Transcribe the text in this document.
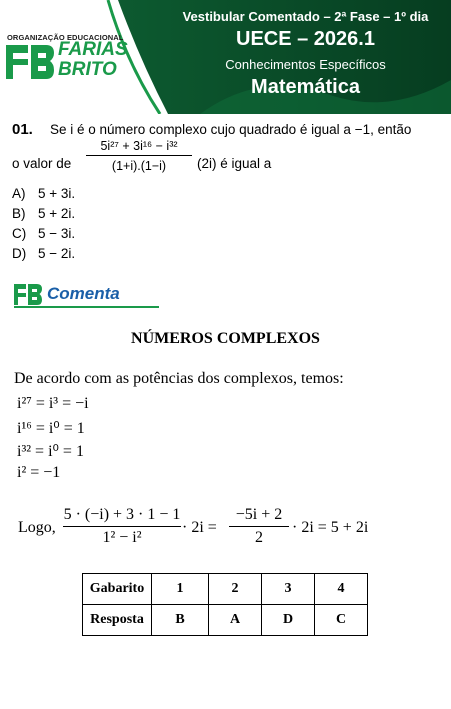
ORGANIZAÇÃO EDUCACIONAL
FARIAS
BRITO
Vestibular Comentado – 2ª Fase – 1º dia
UECE – 2026.1
Conhecimentos Específicos
Matemática
01. Se i é o número complexo cujo quadrado é igual a −1, então
o valor de
5i²⁷ + 3i¹⁶ − i³²
(1+i).(1−i)	(2i) é igual a
A) 5 + 3i.
B) 5 + 2i.
C) 5 − 3i.
D) 5 − 2i.
Comenta
NÚMEROS COMPLEXOS
De acordo com as potências dos complexos, temos:
i²⁷ = i³ = −i
i¹⁶ = i⁰ = 1
i³² = i⁰ = 1
i² = −1
Logo,
5 · (−i) + 3 · 1 − 1
1² − i²
· 2i =
−5i + 2
2
· 2i = 5 + 2i
Gabarito	1	2	3	4
Resposta	B	A	D	C
